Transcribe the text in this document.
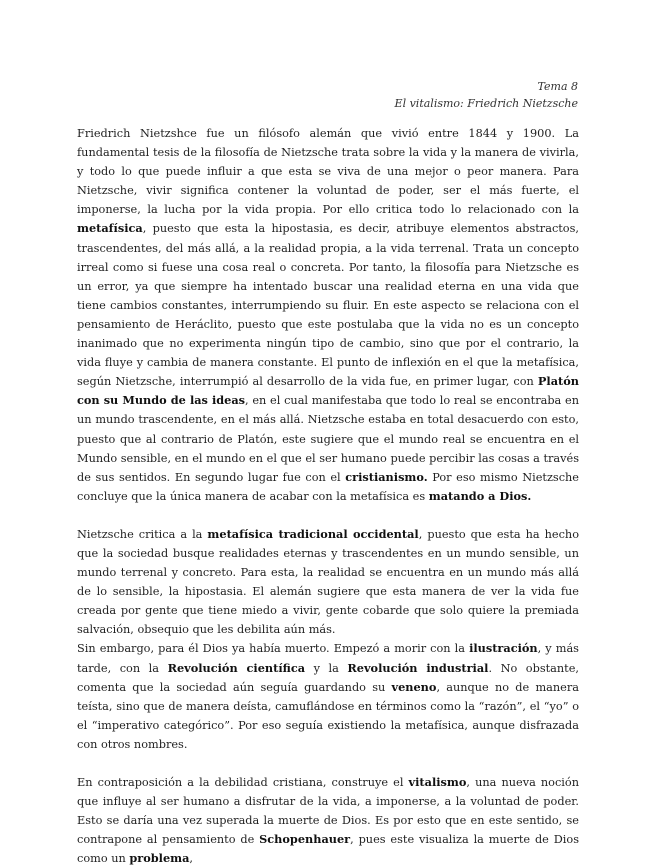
Tema 8
El vitalismo: Friedrich Nietzsche

Friedrich Nietzshce fue un filósofo alemán que vivió entre 1844 y 1900. La fundamental tesis de la filosofía de Nietzsche trata sobre la vida y la manera de vivirla, y todo lo que puede influir a que esta se viva de una mejor o peor manera. Para Nietzsche, vivir significa contener la voluntad de poder, ser el más fuerte, el imponerse, la lucha por la vida propia. Por ello critica todo lo relacionado con la metafísica, puesto que esta la hipostasia, es decir, atribuye elementos abstractos, trascendentes, del más allá, a la realidad propia, a la vida terrenal. Trata un concepto irreal como si fuese una cosa real o concreta. Por tanto, la filosofía para Nietzsche es un error, ya que siempre ha intentado buscar una realidad eterna en una vida que tiene cambios constantes, interrumpiendo su fluir. En este aspecto se relaciona con el pensamiento de Heráclito, puesto que este postulaba que la vida no es un concepto inanimado que no experimenta ningún tipo de cambio, sino que por el contrario, la vida fluye y cambia de manera constante. El punto de inflexión en el que la metafísica, según Nietzsche, interrumpió al desarrollo de la vida fue, en primer lugar, con Platón con su Mundo de las ideas, en el cual manifestaba que todo lo real se encontraba en un mundo trascendente, en el más allá. Nietzsche estaba en total desacuerdo con esto, puesto que al contrario de Platón, este sugiere que el mundo real se encuentra en el Mundo sensible, en el mundo en el que el ser humano puede percibir las cosas a través de sus sentidos. En segundo lugar fue con el cristianismo. Por eso mismo Nietzsche concluye que la única manera de acabar con la metafísica es matando a Dios.

Nietzsche critica a la metafísica tradicional occidental, puesto que esta ha hecho que la sociedad busque realidades eternas y trascendentes en un mundo sensible, un mundo terrenal y concreto. Para esta, la realidad se encuentra en un mundo más allá de lo sensible, la hipostasia. El alemán sugiere que esta manera de ver la vida fue creada por gente que tiene miedo a vivir, gente cobarde que solo quiere la premiada salvación, obsequio que les debilita aún más.

Sin embargo, para él Dios ya había muerto. Empezó a morir con la ilustración, y más tarde, con la Revolución científica y la Revolución industrial. No obstante, comenta que la sociedad aún seguía guardando su veneno, aunque no de manera teísta, sino que de manera deísta, camuflándose en términos como la “razón”, el “yo” o el “imperativo categórico”. Por eso seguía existiendo la metafísica, aunque disfrazada con otros nombres.

En contraposición a la debilidad cristiana, construye el vitalismo, una nueva noción que influye al ser humano a disfrutar de la vida, a imponerse, a la voluntad de poder. Esto se daría una vez superada la muerte de Dios. Es por esto que en este sentido, se contrapone al pensamiento de Schopenhauer, pues este visualiza la muerte de Dios como un problema,
